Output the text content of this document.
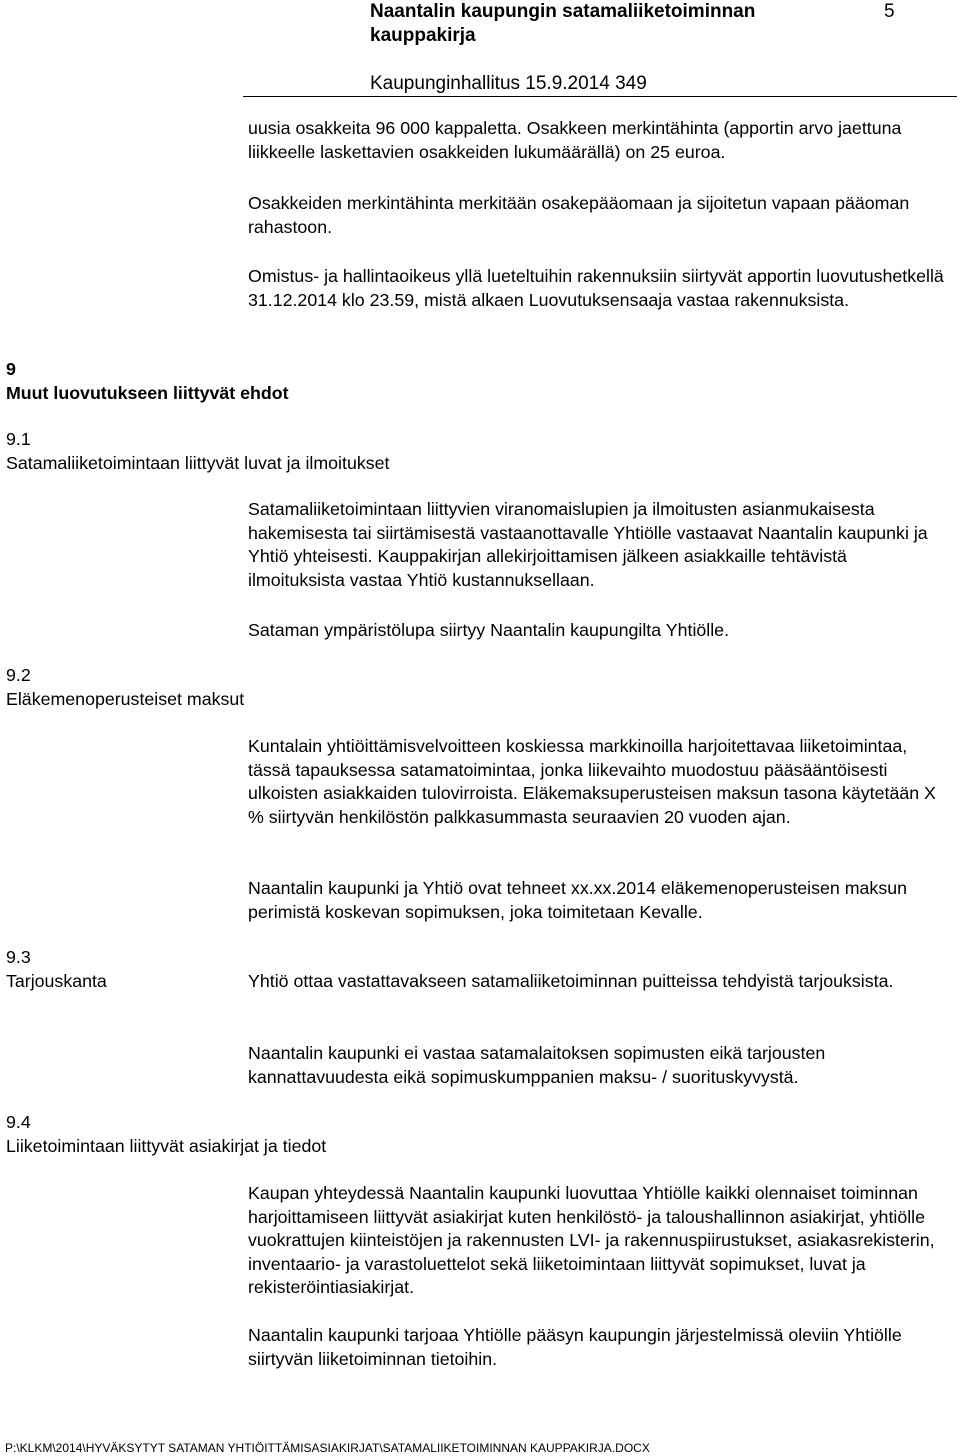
Naantalin kaupungin satamaliiketoiminnan kauppakirja
5
Kaupunginhallitus 15.9.2014 349

uusia osakkeita 96 000 kappaletta. Osakkeen merkintähinta (apportin arvo jaettuna liikkeelle laskettavien osakkeiden lukumäärällä) on 25 euroa.

Osakkeiden merkintähinta merkitään osakepääomaan ja sijoitetun vapaan pääoman rahastoon.

Omistus- ja hallintaoikeus yllä lueteltuihin rakennuksiin siirtyvät apportin luovutushetkellä 31.12.2014 klo 23.59, mistä alkaen Luovutuksensaaja vastaa rakennuksista.

9
Muut luovutukseen liittyvät ehdot
9.1
Satamaliiketoimintaan liittyvät luvat ja ilmoitukset

Satamaliiketoimintaan liittyvien viranomaislupien ja ilmoitusten asianmukaisesta hakemisesta tai siirtämisestä vastaanottavalle Yhtiölle vastaavat Naantalin kaupunki ja Yhtiö yhteisesti. Kauppakirjan allekirjoittamisen jälkeen asiakkaille tehtävistä ilmoituksista vastaa Yhtiö kustannuksellaan.

Sataman ympäristölupa siirtyy Naantalin kaupungilta Yhtiölle.

9.2
Eläkemenoperusteiset maksut

Kuntalain yhtiöittämisvelvoitteen koskiessa markkinoilla harjoitettavaa liiketoimintaa, tässä tapauksessa satamatoimintaa, jonka liikevaihto muodostuu pääsääntöisesti ulkoisten asiakkaiden tulovirroista. Eläkemaksuperusteisen maksun tasona käytetään X % siirtyvän henkilöstön palkkasummasta seuraavien 20 vuoden ajan.

Naantalin kaupunki ja Yhtiö ovat tehneet xx.xx.2014 eläkemenoperusteisen maksun perimistä koskevan sopimuksen, joka toimitetaan Kevalle.

9.3
Tarjouskanta	Yhtiö ottaa vastattavakseen satamaliiketoiminnan puitteissa tehdyistä tarjouksista.

Naantalin kaupunki ei vastaa satamalaitoksen sopimusten eikä tarjousten kannattavuudesta eikä sopimuskumppanien maksu- / suorituskyvystä.

9.4
Liiketoimintaan liittyvät asiakirjat ja tiedot

Kaupan yhteydessä Naantalin kaupunki luovuttaa Yhtiölle kaikki olennaiset toiminnan harjoittamiseen liittyvät asiakirjat kuten henkilöstö- ja taloushallinnon asiakirjat, yhtiölle vuokrattujen kiinteistöjen ja rakennusten LVI- ja rakennuspiirustukset, asiakasrekisterin, inventaario- ja varastoluettelot sekä liiketoimintaan liittyvät sopimukset, luvat ja rekisteröintiasiakirjat.

Naantalin kaupunki tarjoaa Yhtiölle pääsyn kaupungin järjestelmissä oleviin Yhtiölle siirtyvän liiketoiminnan tietoihin.

P:\KLKM\2014\HYVÄKSYTYT SATAMAN YHTIÖITTÄMISASIAKIRJAT\SATAMALIIKETOIMINNAN KAUPPAKIRJA.DOCX
